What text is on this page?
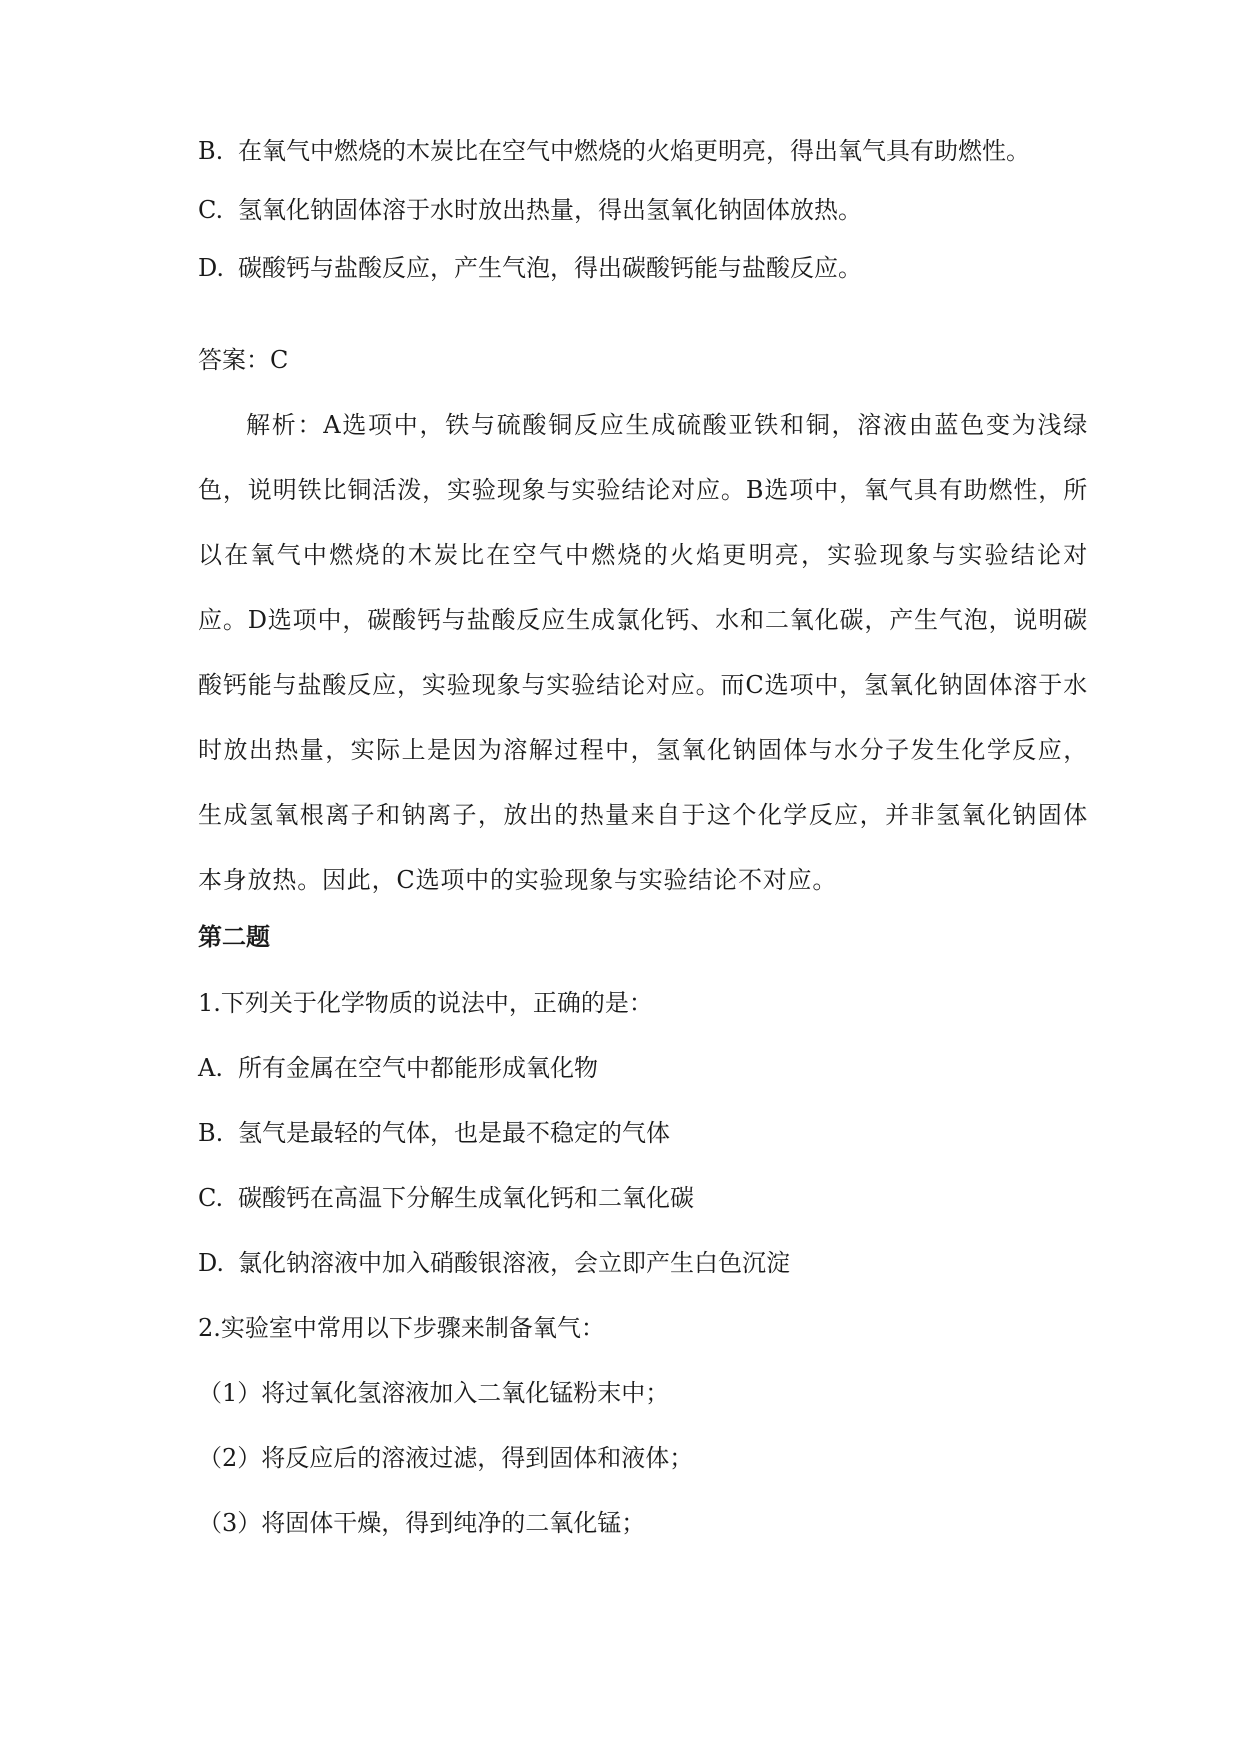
B. 在氧气中燃烧的木炭比在空气中燃烧的火焰更明亮，得出氧气具有助燃性。
C. 氢氧化钠固体溶于水时放出热量，得出氢氧化钠固体放热。
D. 碳酸钙与盐酸反应，产生气泡，得出碳酸钙能与盐酸反应。
答案：C
解析：A选项中，铁与硫酸铜反应生成硫酸亚铁和铜，溶液由蓝色变为浅绿色，说明铁比铜活泼，实验现象与实验结论对应。B选项中，氧气具有助燃性，所以在氧气中燃烧的木炭比在空气中燃烧的火焰更明亮，实验现象与实验结论对应。D选项中，碳酸钙与盐酸反应生成氯化钙、水和二氧化碳，产生气泡，说明碳酸钙能与盐酸反应，实验现象与实验结论对应。而C选项中，氢氧化钠固体溶于水时放出热量，实际上是因为溶解过程中，氢氧化钠固体与水分子发生化学反应，生成氢氧根离子和钠离子，放出的热量来自于这个化学反应，并非氢氧化钠固体本身放热。因此，C选项中的实验现象与实验结论不对应。
第二题
1.下列关于化学物质的说法中，正确的是：
A. 所有金属在空气中都能形成氧化物
B. 氢气是最轻的气体，也是最不稳定的气体
C. 碳酸钙在高温下分解生成氧化钙和二氧化碳
D. 氯化钠溶液中加入硝酸银溶液，会立即产生白色沉淀
2.实验室中常用以下步骤来制备氧气：
（1）将过氧化氢溶液加入二氧化锰粉末中；
（2）将反应后的溶液过滤，得到固体和液体；
（3）将固体干燥，得到纯净的二氧化锰；
